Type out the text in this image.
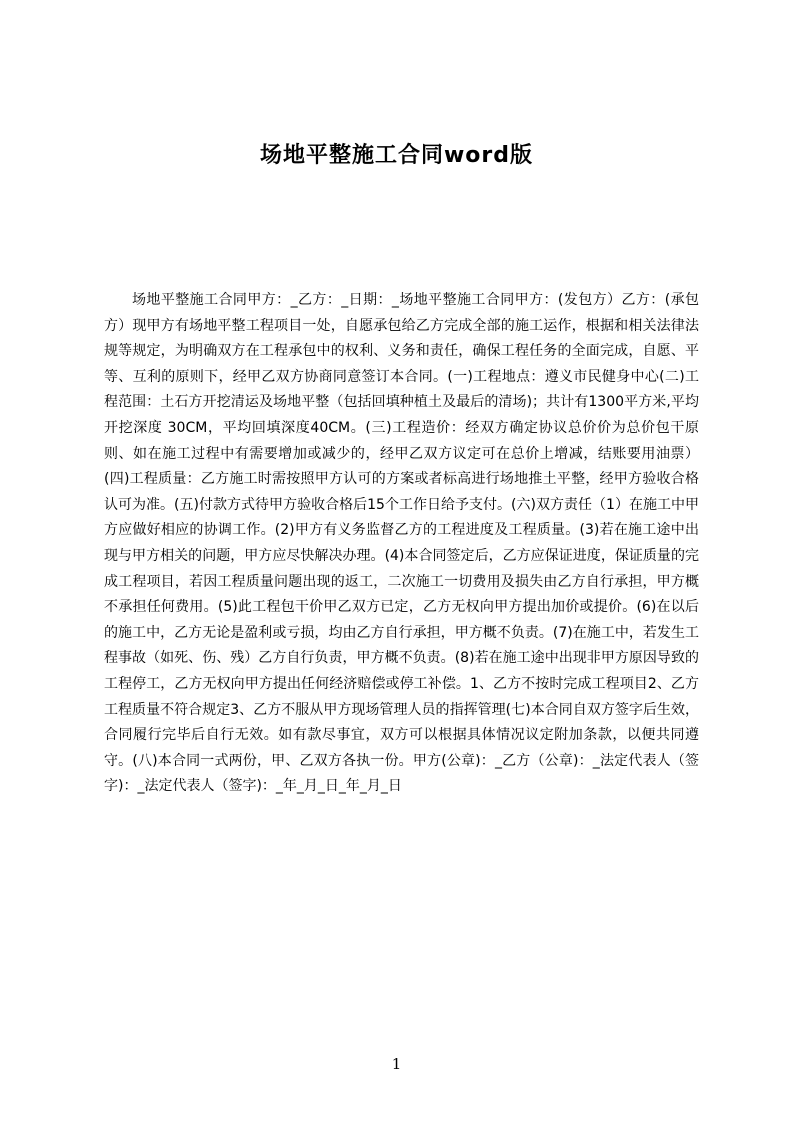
场地平整施工合同word版

场地平整施工合同甲方：_乙方：_日期：_场地平整施工合同甲方：(发包方）乙方：(承包方）现甲方有场地平整工程项目一处，自愿承包给乙方完成全部的施工运作，根据和相关法律法规等规定，为明确双方在工程承包中的权利、义务和责任，确保工程任务的全面完成，自愿、平等、互利的原则下，经甲乙双方协商同意签订本合同。(一)工程地点：遵义市民健身中心(二)工程范围：土石方开挖清运及场地平整（包括回填种植土及最后的清场)；共计有1300平方米,平均开挖深度 30CM，平均回填深度40CM。(三)工程造价：经双方确定协议总价价为总价包干原则、如在施工过程中有需要增加或减少的，经甲乙双方议定可在总价上增减，结账要用油票）(四)工程质量：乙方施工时需按照甲方认可的方案或者标高进行场地推土平整，经甲方验收合格认可为准。(五)付款方式待甲方验收合格后15个工作日给予支付。(六)双方责任（1）在施工中甲方应做好相应的协调工作。(2)甲方有义务监督乙方的工程进度及工程质量。(3)若在施工途中出现与甲方相关的问题，甲方应尽快解决办理。(4)本合同签定后，乙方应保证进度，保证质量的完成工程项目，若因工程质量问题出现的返工，二次施工一切费用及损失由乙方自行承担，甲方概不承担任何费用。(5)此工程包干价甲乙双方已定，乙方无权向甲方提出加价或提价。(6)在以后的施工中，乙方无论是盈利或亏损，均由乙方自行承担，甲方概不负责。(7)在施工中，若发生工程事故（如死、伤、残）乙方自行负责，甲方概不负责。(8)若在施工途中出现非甲方原因导致的工程停工，乙方无权向甲方提出任何经济赔偿或停工补偿。1、乙方不按时完成工程项目2、乙方工程质量不符合规定3、乙方不服从甲方现场管理人员的指挥管理(七)本合同自双方签字后生效，合同履行完毕后自行无效。如有款尽事宜，双方可以根据具体情况议定附加条款，以便共同遵守。(八)本合同一式两份，甲、乙双方各执一份。甲方(公章)：_乙方（公章)：_法定代表人（签字)：_法定代表人（签字)：_年_月_日_年_月_日

1
